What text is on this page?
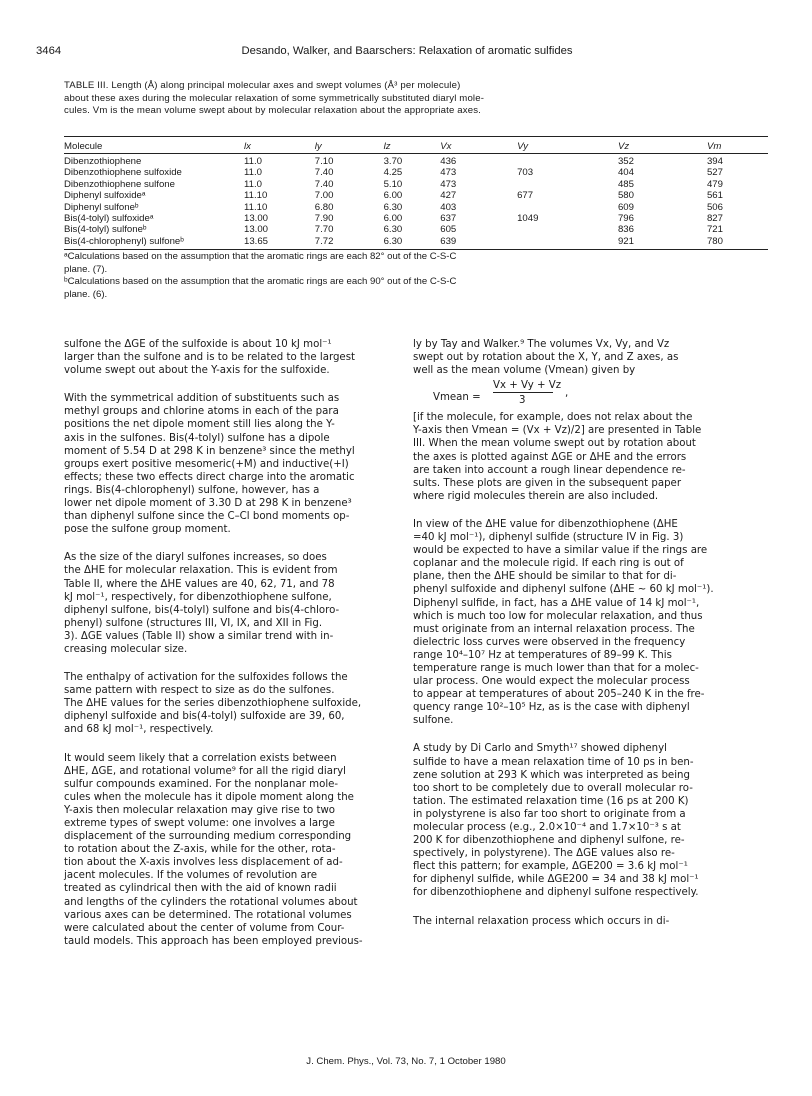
3464	Desando, Walker, and Baarschers: Relaxation of aromatic sulfides
TABLE III. Length (Å) along principal molecular axes and swept volumes (Å³ per molecule)
about these axes during the molecular relaxation of some symmetrically substituted diaryl mole-
cules. Vm is the mean volume swept about by molecular relaxation about the appropriate axes.
Molecule	lx	ly	lz	Vx	Vy	Vz	Vm
Dibenzothiophene	11.0	7.10	3.70	436		352	394
Dibenzothiophene sulfoxide	11.0	7.40	4.25	473	703	404	527
Dibenzothiophene sulfone	11.0	7.40	5.10	473		485	479
Diphenyl sulfoxideᵃ	11.10	7.00	6.00	427	677	580	561
Diphenyl sulfoneᵇ	11.10	6.80	6.30	403		609	506
Bis(4-tolyl) sulfoxideᵃ	13.00	7.90	6.00	637	1049	796	827
Bis(4-tolyl) sulfoneᵇ	13.00	7.70	6.30	605		836	721
Bis(4-chlorophenyl) sulfoneᵇ	13.65	7.72	6.30	639		921	780
ᵃCalculations based on the assumption that the aromatic rings are each 82° out of the C-S-C
plane. (7).
ᵇCalculations based on the assumption that the aromatic rings are each 90° out of the C-S-C
plane. (6).
sulfone the ΔGE of the sulfoxide is about 10 kJ mol⁻¹
larger than the sulfone and is to be related to the largest
volume swept out about the Y-axis for the sulfoxide.
With the symmetrical addition of substituents such as
methyl groups and chlorine atoms in each of the para
positions the net dipole moment still lies along the Y-
axis in the sulfones. Bis(4-tolyl) sulfone has a dipole
moment of 5.54 D at 298 K in benzene³ since the methyl
groups exert positive mesomeric(+M) and inductive(+I)
effects; these two effects direct charge into the aromatic
rings. Bis(4-chlorophenyl) sulfone, however, has a
lower net dipole moment of 3.30 D at 298 K in benzene³
than diphenyl sulfone since the C–Cl bond moments op-
pose the sulfone group moment.
As the size of the diaryl sulfones increases, so does
the ΔHE for molecular relaxation. This is evident from
Table II, where the ΔHE values are 40, 62, 71, and 78
kJ mol⁻¹, respectively, for dibenzothiophene sulfone,
diphenyl sulfone, bis(4-tolyl) sulfone and bis(4-chloro-
phenyl) sulfone (structures III, VI, IX, and XII in Fig.
3). ΔGE values (Table II) show a similar trend with in-
creasing molecular size.
The enthalpy of activation for the sulfoxides follows the
same pattern with respect to size as do the sulfones.
The ΔHE values for the series dibenzothiophene sulfoxide,
diphenyl sulfoxide and bis(4-tolyl) sulfoxide are 39, 60,
and 68 kJ mol⁻¹, respectively.
It would seem likely that a correlation exists between
ΔHE, ΔGE, and rotational volume⁹ for all the rigid diaryl
sulfur compounds examined. For the nonplanar mole-
cules when the molecule has it dipole moment along the
Y-axis then molecular relaxation may give rise to two
extreme types of swept volume: one involves a large
displacement of the surrounding medium corresponding
to rotation about the Z-axis, while for the other, rota-
tion about the X-axis involves less displacement of ad-
jacent molecules. If the volumes of revolution are
treated as cylindrical then with the aid of known radii
and lengths of the cylinders the rotational volumes about
various axes can be determined. The rotational volumes
were calculated about the center of volume from Cour-
tauld models. This approach has been employed previous-
ly by Tay and Walker.⁹ The volumes Vx, Vy, and Vz
swept out by rotation about the X, Y, and Z axes, as
well as the mean volume (Vmean) given by
Vmean =
Vx + Vy + Vz
3
,
[if the molecule, for example, does not relax about the
Y-axis then Vmean = (Vx + Vz)/2] are presented in Table
III. When the mean volume swept out by rotation about
the axes is plotted against ΔGE or ΔHE and the errors
are taken into account a rough linear dependence re-
sults. These plots are given in the subsequent paper
where rigid molecules therein are also included.
In view of the ΔHE value for dibenzothiophene (ΔHE
=40 kJ mol⁻¹), diphenyl sulfide (structure IV in Fig. 3)
would be expected to have a similar value if the rings are
coplanar and the molecule rigid. If each ring is out of
plane, then the ΔHE should be similar to that for di-
phenyl sulfoxide and diphenyl sulfone (ΔHE ~ 60 kJ mol⁻¹).
Diphenyl sulfide, in fact, has a ΔHE value of 14 kJ mol⁻¹,
which is much too low for molecular relaxation, and thus
must originate from an internal relaxation process. The
dielectric loss curves were observed in the frequency
range 10⁴–10⁷ Hz at temperatures of 89–99 K. This
temperature range is much lower than that for a molec-
ular process. One would expect the molecular process
to appear at temperatures of about 205–240 K in the fre-
quency range 10²–10⁵ Hz, as is the case with diphenyl
sulfone.
A study by Di Carlo and Smyth¹⁷ showed diphenyl
sulfide to have a mean relaxation time of 10 ps in ben-
zene solution at 293 K which was interpreted as being
too short to be completely due to overall molecular ro-
tation. The estimated relaxation time (16 ps at 200 K)
in polystyrene is also far too short to originate from a
molecular process (e.g., 2.0×10⁻⁴ and 1.7×10⁻³ s at
200 K for dibenzothiophene and diphenyl sulfone, re-
spectively, in polystyrene). The ΔGE values also re-
flect this pattern; for example, ΔGE200 = 3.6 kJ mol⁻¹
for diphenyl sulfide, while ΔGE200 = 34 and 38 kJ mol⁻¹
for dibenzothiophene and diphenyl sulfone respectively.
The internal relaxation process which occurs in di-
J. Chem. Phys., Vol. 73, No. 7, 1 October 1980
